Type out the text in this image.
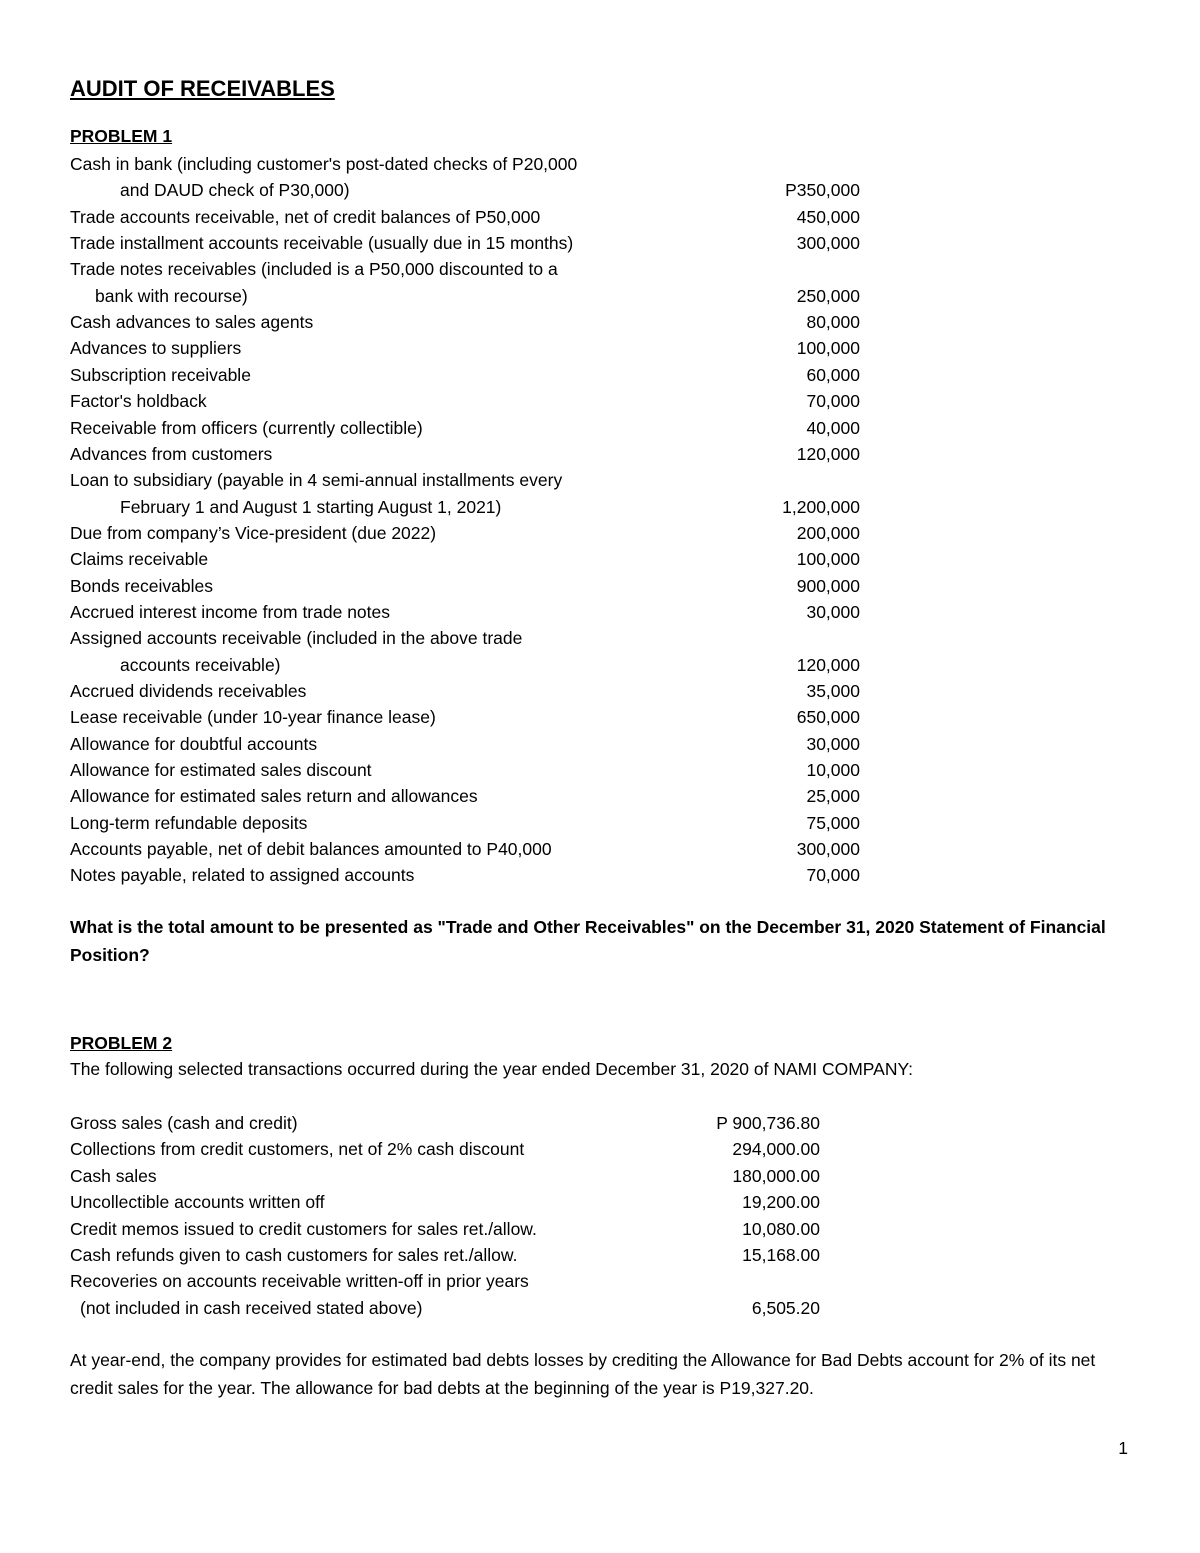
AUDIT OF RECEIVABLES
PROBLEM 1
Cash in bank (including customer's post-dated checks of P20,000
and DAUD check of P30,000)	P350,000
Trade accounts receivable, net of credit balances of P50,000	450,000
Trade installment accounts receivable (usually due in 15 months)	300,000
Trade notes receivables (included is a P50,000 discounted to a
bank with recourse)	250,000
Cash advances to sales agents	80,000
Advances to suppliers	100,000
Subscription receivable	60,000
Factor's holdback	70,000
Receivable from officers (currently collectible)	40,000
Advances from customers	120,000
Loan to subsidiary (payable in 4 semi-annual installments every
February 1 and August 1 starting August 1, 2021)	1,200,000
Due from company’s Vice-president (due 2022)	200,000
Claims receivable	100,000
Bonds receivables	900,000
Accrued interest income from trade notes	30,000
Assigned accounts receivable (included in the above trade
accounts receivable)	120,000
Accrued dividends receivables	35,000
Lease receivable (under 10-year finance lease)	650,000
Allowance for doubtful accounts	30,000
Allowance for estimated sales discount	10,000
Allowance for estimated sales return and allowances	25,000
Long-term refundable deposits	75,000
Accounts payable, net of debit balances amounted to P40,000	300,000
Notes payable, related to assigned accounts	70,000
What is the total amount to be presented as "Trade and Other Receivables" on the December 31, 2020 Statement of Financial Position?
PROBLEM 2
The following selected transactions occurred during the year ended December 31, 2020 of NAMI COMPANY:
Gross sales (cash and credit)	P 900,736.80
Collections from credit customers, net of 2% cash discount	294,000.00
Cash sales	180,000.00
Uncollectible accounts written off	19,200.00
Credit memos issued to credit customers for sales ret./allow.	10,080.00
Cash refunds given to cash customers for sales ret./allow.	15,168.00
Recoveries on accounts receivable written-off in prior years
(not included in cash received stated above)	6,505.20
At year-end, the company provides for estimated bad debts losses by crediting the Allowance for Bad Debts account for 2% of its net credit sales for the year. The allowance for bad debts at the beginning of the year is P19,327.20.
1
